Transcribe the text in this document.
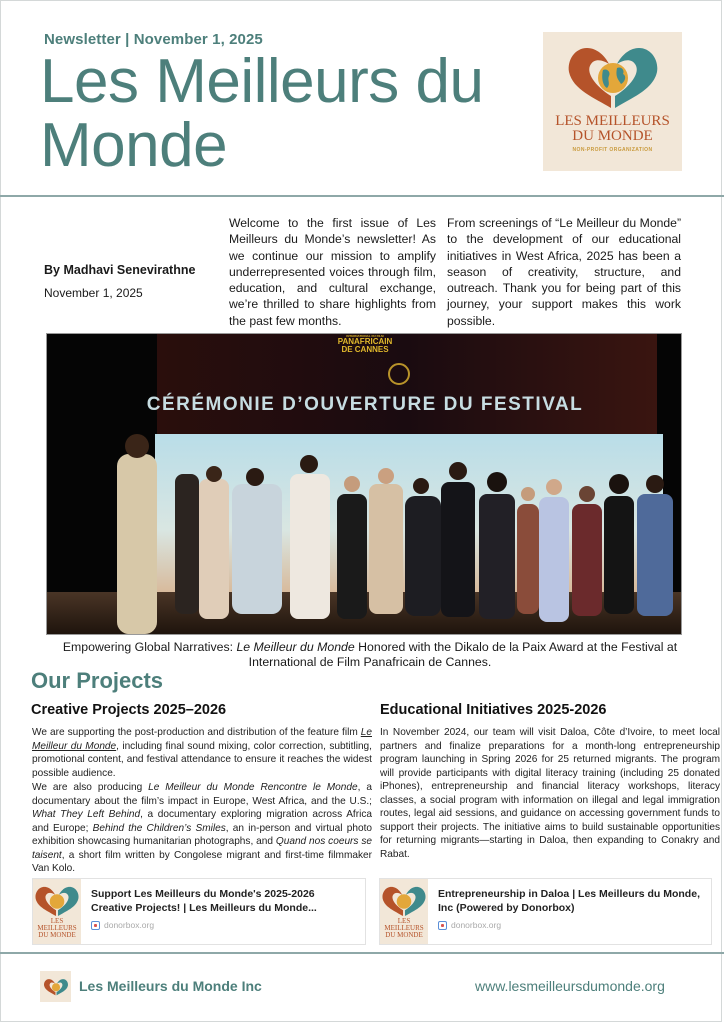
Newsletter | November 1, 2025
Les Meilleurs du Monde	LES MEILLEURS
DU MONDE
NON-PROFIT ORGANIZATION
By Madhavi Senevirathne
November 1, 2025

Welcome to the first issue of Les Meilleurs du Monde’s newsletter! As we continue our mission to amplify underrepresented voices through film, education, and cultural exchange, we’re thrilled to share highlights from the past few months.

From screenings of “Le Meilleur du Monde” to the development of our educational initiatives in West Africa, 2025 has been a season of creativity, structure, and outreach. Thank you for being part of this journey, your support makes this work possible.

INTERNATIONAL DU FILM
PANAFRICAIN
DE CANNES
CÉRÉMONIE D’OUVERTURE DU FESTIVAL

Empowering Global Narratives: Le Meilleur du Monde Honored with the Dikalo de la Paix Award at the Festival at International de Film Panafricain de Cannes.

Our Projects
Creative Projects 2025–2026

We are supporting the post-production and distribution of the feature film Le Meilleur du Monde, including final sound mixing, color correction, subtitling, promotional content, and festival attendance to ensure it reaches the widest possible audience.

We are also producing Le Meilleur du Monde Rencontre le Monde, a documentary about the film’s impact in Europe, West Africa, and the U.S.; What They Left Behind, a documentary exploring migration across Africa and Europe; Behind the Children’s Smiles, an in-person and virtual photo exhibition showcasing humanitarian photographs, and Quand nos coeurs se taisent, a short film written by Congolese migrant and first-time filmmaker Van Kolo.

Educational Initiatives 2025-2026

In November 2024, our team will visit Daloa, Côte d’Ivoire, to meet local partners and finalize preparations for a month-long entrepreneurship program launching in Spring 2026 for 25 returned migrants. The program will provide participants with digital literacy training (including 25 donated iPhones), entrepreneurship and financial literacy workshops, literacy classes, a social program with information on illegal and legal immigration routes, legal aid sessions, and guidance on accessing government funds to support their projects. The initiative aims to build sustainable opportunities for returning migrants—starting in Daloa, then expanding to Conakry and Rabat.

LES MEILLEURS
DU MONDE
Support Les Meilleurs du Monde's 2025-2026 Creative Projects! | Les Meilleurs du Monde...
donorbox.org	LES MEILLEURS
DU MONDE
Entrepreneurship in Daloa | Les Meilleurs du Monde, Inc (Powered by Donorbox)
donorbox.org
Les Meilleurs du Monde Inc	www.lesmeilleursdumonde.org
